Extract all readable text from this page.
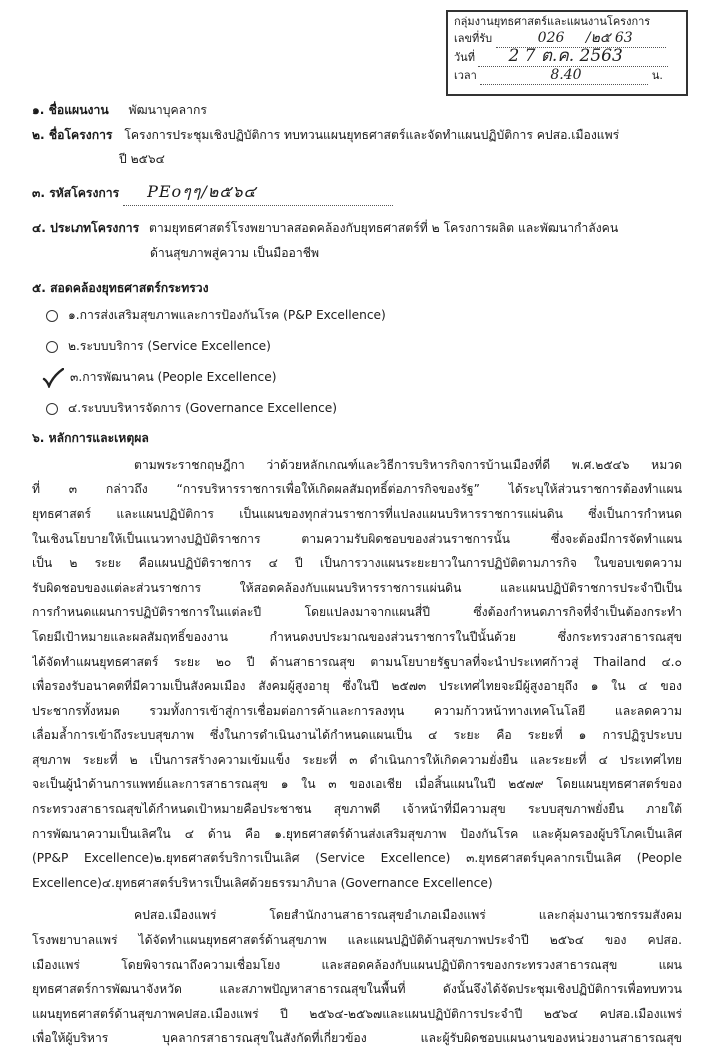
กลุ่มงานยุทธศาสตร์และแผนงานโครงการ
เลขที่รับ	026 /๒๕ 63
วันที่ 2 7 ต.ค. 2563
เวลา	8.40	น.
๑. ชื่อแผนงาน พัฒนาบุคลากร
๒. ชื่อโครงการ โครงการประชุมเชิงปฏิบัติการ ทบทวนแผนยุทธศาสตร์และจัดทำแผนปฏิบัติการ คปสอ.เมืองแพร่
ปี ๒๕๖๔
๓. รหัสโครงการ PEoๆๆ/๒๕๖๔
๔. ประเภทโครงการ ตามยุทธศาสตร์โรงพยาบาลสอดคล้องกับยุทธศาสตร์ที่ ๒ โครงการผลิต และพัฒนากำลังคน
ด้านสุขภาพสู่ความ เป็นมืออาชีพ
๕. สอดคล้องยุทธศาสตร์กระทรวง
๑.การส่งเสริมสุขภาพและการป้องกันโรค (P&P Excellence)
๒.ระบบบริการ (Service Excellence)
๓.การพัฒนาคน (People Excellence)
๔.ระบบบริหารจัดการ (Governance Excellence)
๖. หลักการและเหตุผล
ตามพระราชกฤษฎีกา ว่าด้วยหลักเกณฑ์และวิธีการบริหารกิจการบ้านเมืองที่ดี พ.ศ.๒๕๔๖ หมวด
ที่ ๓ กล่าวถึง “การบริหารราชการเพื่อให้เกิดผลสัมฤทธิ์ต่อภารกิจของรัฐ” ได้ระบุให้ส่วนราชการต้องทำแผน
ยุทธศาสตร์ และแผนปฏิบัติการ เป็นแผนของทุกส่วนราชการที่แปลงแผนบริหารราชการแผ่นดิน ซึ่งเป็นการกำหนด
ในเชิงนโยบายให้เป็นแนวทางปฏิบัติราชการ ตามความรับผิดชอบของส่วนราชการนั้น ซึ่งจะต้องมีการจัดทำแผน
เป็น ๒ ระยะ คือแผนปฏิบัติราชการ ๔ ปี เป็นการวางแผนระยะยาวในการปฏิบัติตามภารกิจ ในขอบเขตความ
รับผิดชอบของแต่ละส่วนราชการ ให้สอดคล้องกับแผนบริหารราชการแผ่นดิน และแผนปฏิบัติราชการประจำปีเป็น
การกำหนดแผนการปฏิบัติราชการในแต่ละปี โดยแปลงมาจากแผนสี่ปี ซึ่งต้องกำหนดภารกิจที่จำเป็นต้องกระทำ
โดยมีเป้าหมายและผลสัมฤทธิ์ของงาน กำหนดงบประมาณของส่วนราชการในปีนั้นด้วย ซึ่งกระทรวงสาธารณสุข
ได้จัดทำแผนยุทธศาสตร์ ระยะ ๒๐ ปี ด้านสาธารณสุข ตามนโยบายรัฐบาลที่จะนำประเทศก้าวสู่ Thailand ๔.๐
เพื่อรองรับอนาคตที่มีความเป็นสังคมเมือง สังคมผู้สูงอายุ ซึ่งในปี ๒๕๗๓ ประเทศไทยจะมีผู้สูงอายุถึง ๑ ใน ๔ ของ
ประชากรทั้งหมด รวมทั้งการเข้าสู่การเชื่อมต่อการค้าและการลงทุน ความก้าวหน้าทางเทคโนโลยี และลดความ
เลื่อมล้ำการเข้าถึงระบบสุขภาพ ซึ่งในการดำเนินงานได้กำหนดแผนเป็น ๔ ระยะ คือ ระยะที่ ๑ การปฏิรูประบบ
สุขภาพ ระยะที่ ๒ เป็นการสร้างความเข้มแข็ง ระยะที่ ๓ ดำเนินการให้เกิดความยั่งยืน และระยะที่ ๔ ประเทศไทย
จะเป็นผู้นำด้านการแพทย์และการสาธารณสุข ๑ ใน ๓ ของเอเชีย เมื่อสิ้นแผนในปี ๒๕๗๙ โดยแผนยุทธศาสตร์ของ
กระทรวงสาธารณสุขได้กำหนดเป้าหมายคือประชาชน สุขภาพดี เจ้าหน้าที่มีความสุข ระบบสุขภาพยั่งยืน ภายใต้
การพัฒนาความเป็นเลิศใน ๔ ด้าน คือ ๑.ยุทธศาสตร์ด้านส่งเสริมสุขภาพ ป้องกันโรค และคุ้มครองผู้บริโภคเป็นเลิศ
(PP&P Excellence)๒.ยุทธศาสตร์บริการเป็นเลิศ (Service Excellence) ๓.ยุทธศาสตร์บุคลากรเป็นเลิศ (People
Excellence)๔.ยุทธศาสตร์บริหารเป็นเลิศด้วยธรรมาภิบาล (Governance Excellence)
คปสอ.เมืองแพร่ โดยสำนักงานสาธารณสุขอำเภอเมืองแพร่ และกลุ่มงานเวชกรรมสังคม
โรงพยาบาลแพร่ ได้จัดทำแผนยุทธศาสตร์ด้านสุขภาพ และแผนปฏิบัติด้านสุขภาพประจำปี ๒๕๖๔ ของ คปสอ.
เมืองแพร่ โดยพิจารณาถึงความเชื่อมโยง และสอดคล้องกับแผนปฏิบัติการของกระทรวงสาธารณสุข แผน
ยุทธศาสตร์การพัฒนาจังหวัด และสภาพปัญหาสาธารณสุขในพื้นที่ ดังนั้นจึงได้จัดประชุมเชิงปฏิบัติการเพื่อทบทวน
แผนยุทธศาสตร์ด้านสุขภาพคปสอ.เมืองแพร่ ปี ๒๕๖๔-๒๕๖๗และแผนปฏิบัติการประจำปี ๒๕๖๔ คปสอ.เมืองแพร่
เพื่อให้ผู้บริหาร บุคลากรสาธารณสุขในสังกัดที่เกี่ยวข้อง และผู้รับผิดชอบแผนงานของหน่วยงานสาธารณสุข
